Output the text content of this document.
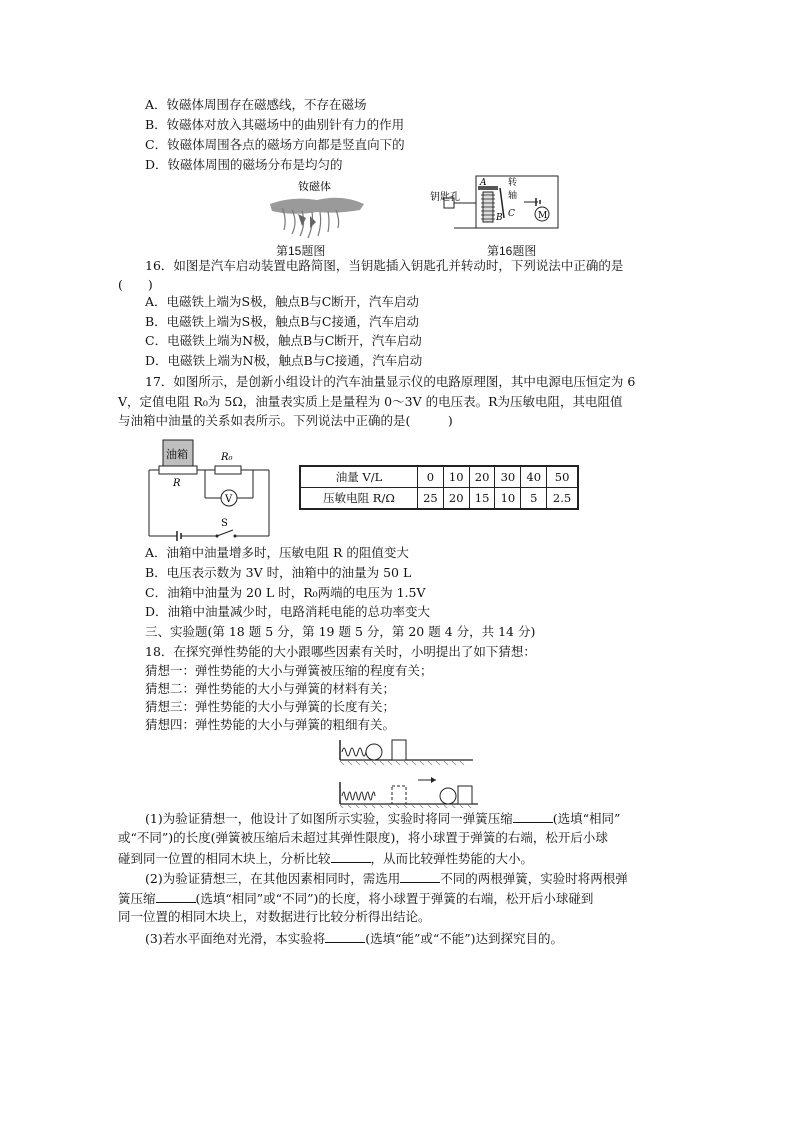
A．钕磁体周围存在磁感线，不存在磁场
B．钕磁体对放入其磁场中的曲别针有力的作用
C．钕磁体周围各点的磁场方向都是竖直向下的
D．钕磁体周围的磁场分布是均匀的
钕磁体
第15题图
钥匙孔
A 转
轴
B C	M
第16题图
16．如图是汽车启动装置电路简图，当钥匙插入钥匙孔并转动时，下列说法中正确的是
(　　)
A．电磁铁上端为S极，触点B与C断开，汽车启动
B．电磁铁上端为S极，触点B与C接通，汽车启动
C．电磁铁上端为N极，触点B与C断开，汽车启动
D．电磁铁上端为N极，触点B与C接通，汽车启动
17．如图所示，是创新小组设计的汽车油量显示仪的电路原理图，其中电源电压恒定为 6
V，定值电阻 R₀为 5Ω，油量表实质上是量程为 0～3V 的电压表。R为压敏电阻，其电阻值
与油箱中油量的关系如表所示。下列说法中正确的是(　　　)
油箱
R
R₀
V
S
油量 V/L	0	10	20	30	40	50
压敏电阻 R/Ω	25	20	15	10	5	2.5
A．油箱中油量增多时，压敏电阻 R 的阻值变大
B．电压表示数为 3V 时，油箱中的油量为 50 L
C．油箱中油量为 20 L 时，R₀两端的电压为 1.5V
D．油箱中油量减少时，电路消耗电能的总功率变大
三、实验题(第 18 题 5 分，第 19 题 5 分，第 20 题 4 分，共 14 分)
18．在探究弹性势能的大小跟哪些因素有关时，小明提出了如下猜想：
猜想一：弹性势能的大小与弹簧被压缩的程度有关；
猜想二：弹性势能的大小与弹簧的材料有关；
猜想三：弹性势能的大小与弹簧的长度有关；
猜想四：弹性势能的大小与弹簧的粗细有关。
(1)为验证猜想一，他设计了如图所示实验，实验时将同一弹簧压缩	(选填“相同”
或“不同”)的长度(弹簧被压缩后未超过其弹性限度)，将小球置于弹簧的右端，松开后小球
碰到同一位置的相同木块上，分析比较	，从而比较弹性势能的大小。
(2)为验证猜想三，在其他因素相同时，需选用	不同的两根弹簧，实验时将两根弹
簧压缩	(选填“相同”或“不同”)的长度，将小球置于弹簧的右端，松开后小球碰到
同一位置的相同木块上，对数据进行比较分析得出结论。
(3)若水平面绝对光滑，本实验将	(选填“能”或“不能”)达到探究目的。
